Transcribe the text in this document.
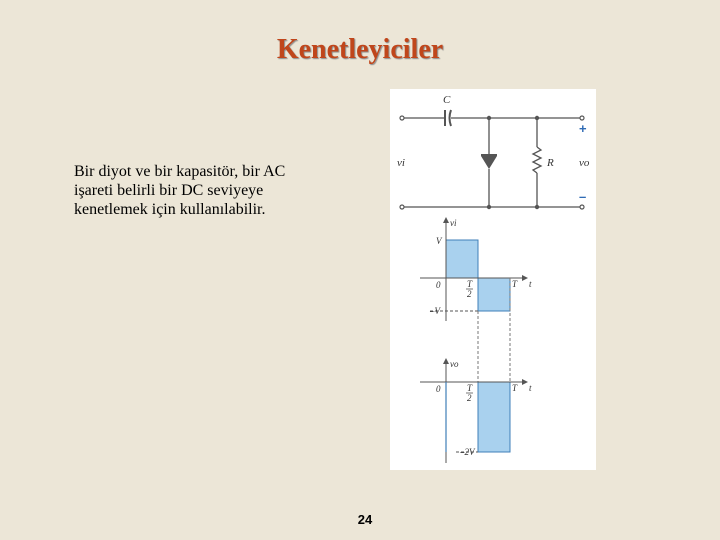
Kenetleyiciler
Bir diyot ve bir kapasitör, bir AC işareti belirli bir DC seviyeye kenetlemek için kullanılabilir.
C
vi	R vo
+
–
vi
V
0
–V
T
2
T t
vo
0
–2V
T
2
T t
24
